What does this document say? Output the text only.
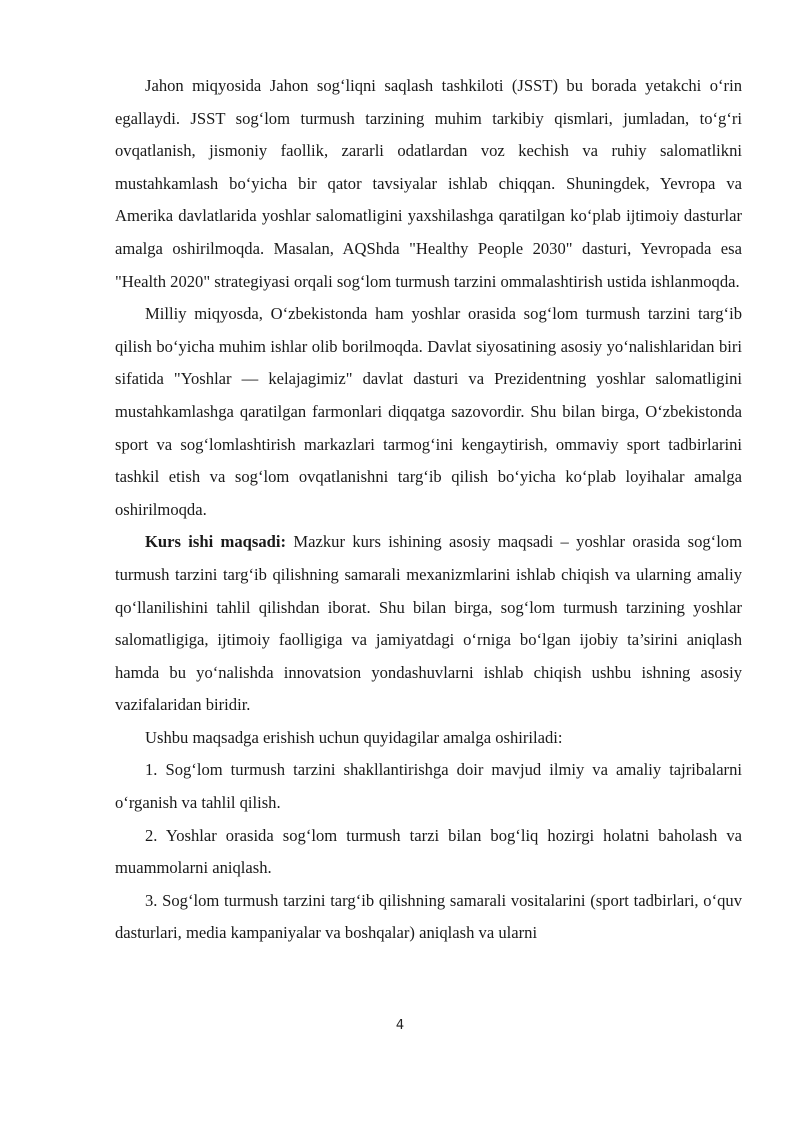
Jahon miqyosida Jahon sog‘liqni saqlash tashkiloti (JSST) bu borada yetakchi o‘rin egallaydi. JSST sog‘lom turmush tarzining muhim tarkibiy qismlari, jumladan, to‘g‘ri ovqatlanish, jismoniy faollik, zararli odatlardan voz kechish va ruhiy salomatlikni mustahkamlash bo‘yicha bir qator tavsiyalar ishlab chiqqan. Shuningdek, Yevropa va Amerika davlatlarida yoshlar salomatligini yaxshilashga qaratilgan ko‘plab ijtimoiy dasturlar amalga oshirilmoqda. Masalan, AQShda "Healthy People 2030" dasturi, Yevropada esa "Health 2020" strategiyasi orqali sog‘lom turmush tarzini ommalashtirish ustida ishlanmoqda.

Milliy miqyosda, O‘zbekistonda ham yoshlar orasida sog‘lom turmush tarzini targ‘ib qilish bo‘yicha muhim ishlar olib borilmoqda. Davlat siyosatining asosiy yo‘nalishlaridan biri sifatida "Yoshlar — kelajagimiz" davlat dasturi va Prezidentning yoshlar salomatligini mustahkamlashga qaratilgan farmonlari diqqatga sazovordir. Shu bilan birga, O‘zbekistonda sport va sog‘lomlashtirish markazlari tarmog‘ini kengaytirish, ommaviy sport tadbirlarini tashkil etish va sog‘lom ovqatlanishni targ‘ib qilish bo‘yicha ko‘plab loyihalar amalga oshirilmoqda.

Kurs ishi maqsadi: Mazkur kurs ishining asosiy maqsadi – yoshlar orasida sog‘lom turmush tarzini targ‘ib qilishning samarali mexanizmlarini ishlab chiqish va ularning amaliy qo‘llanilishini tahlil qilishdan iborat. Shu bilan birga, sog‘lom turmush tarzining yoshlar salomatligiga, ijtimoiy faolligiga va jamiyatdagi o‘rniga bo‘lgan ijobiy ta’sirini aniqlash hamda bu yo‘nalishda innovatsion yondashuvlarni ishlab chiqish ushbu ishning asosiy vazifalaridan biridir.

Ushbu maqsadga erishish uchun quyidagilar amalga oshiriladi:

1. Sog‘lom turmush tarzini shakllantirishga doir mavjud ilmiy va amaliy tajribalarni o‘rganish va tahlil qilish.

2. Yoshlar orasida sog‘lom turmush tarzi bilan bog‘liq hozirgi holatni baholash va muammolarni aniqlash.

3. Sog‘lom turmush tarzini targ‘ib qilishning samarali vositalarini (sport tadbirlari, o‘quv dasturlari, media kampaniyalar va boshqalar) aniqlash va ularni

4
